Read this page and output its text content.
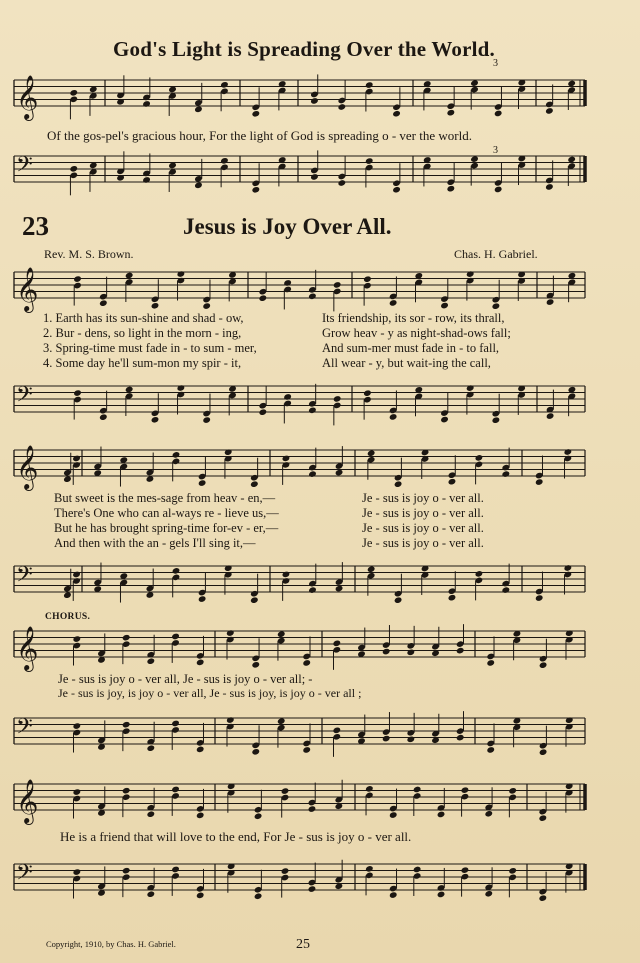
God's Light is Spreading Over the World.
𝄞
Of the gos-pel's gracious hour, For the light of God is spreading o - ver the world.
𝄢
3
3
23	Jesus is Joy Over All.
Rev. M. S. Brown.	Chas. H. Gabriel.
𝄞
1. Earth has its sun-shine and shad - ow,	Its friendship, its sor - row, its thrall,
2. Bur - dens, so light in the morn - ing,	Grow heav - y as night-shad-ows fall;
3. Spring-time must fade in - to sum - mer,	And sum-mer must fade in - to fall,
4. Some day he'll sum-mon my spir - it,	All wear - y, but wait-ing the call,
𝄢
𝄞
But sweet is the mes-sage from heav - en,—	Je - sus is joy o - ver all.
There's One who can al-ways re - lieve us,—	Je - sus is joy o - ver all.
But he has brought spring-time for-ev - er,—	Je - sus is joy o - ver all.
And then with the an - gels I'll sing it,—	Je - sus is joy o - ver all.
𝄢
CHORUS.
𝄞
Je - sus is joy o - ver all, Je - sus is joy o - ver all; -
Je - sus is joy, is joy o - ver all, Je - sus is joy, is joy o - ver all ;
𝄢
𝄞
He is a friend that will love to the end, For Je - sus is joy o - ver all.
𝄢
Copyright, 1910, by Chas. H. Gabriel.	25
